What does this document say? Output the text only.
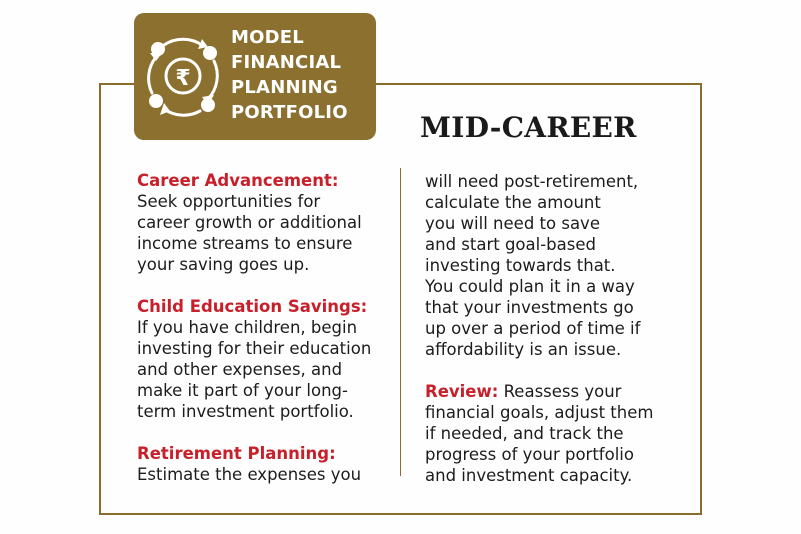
₹
MODEL
FINANCIAL
PLANNING
PORTFOLIO	MID-CAREER
Career Advancement:
Seek opportunities for
career growth or additional
income streams to ensure
your saving goes up.
Child Education Savings:
If you have children, begin
investing for their education
and other expenses, and
make it part of your long-
term investment portfolio.
Retirement Planning:
Estimate the expenses you
will need post-retirement,
calculate the amount
you will need to save
and start goal-based
investing towards that.
You could plan it in a way
that your investments go
up over a period of time if
affordability is an issue.
Review: Reassess your
financial goals, adjust them
if needed, and track the
progress of your portfolio
and investment capacity.
